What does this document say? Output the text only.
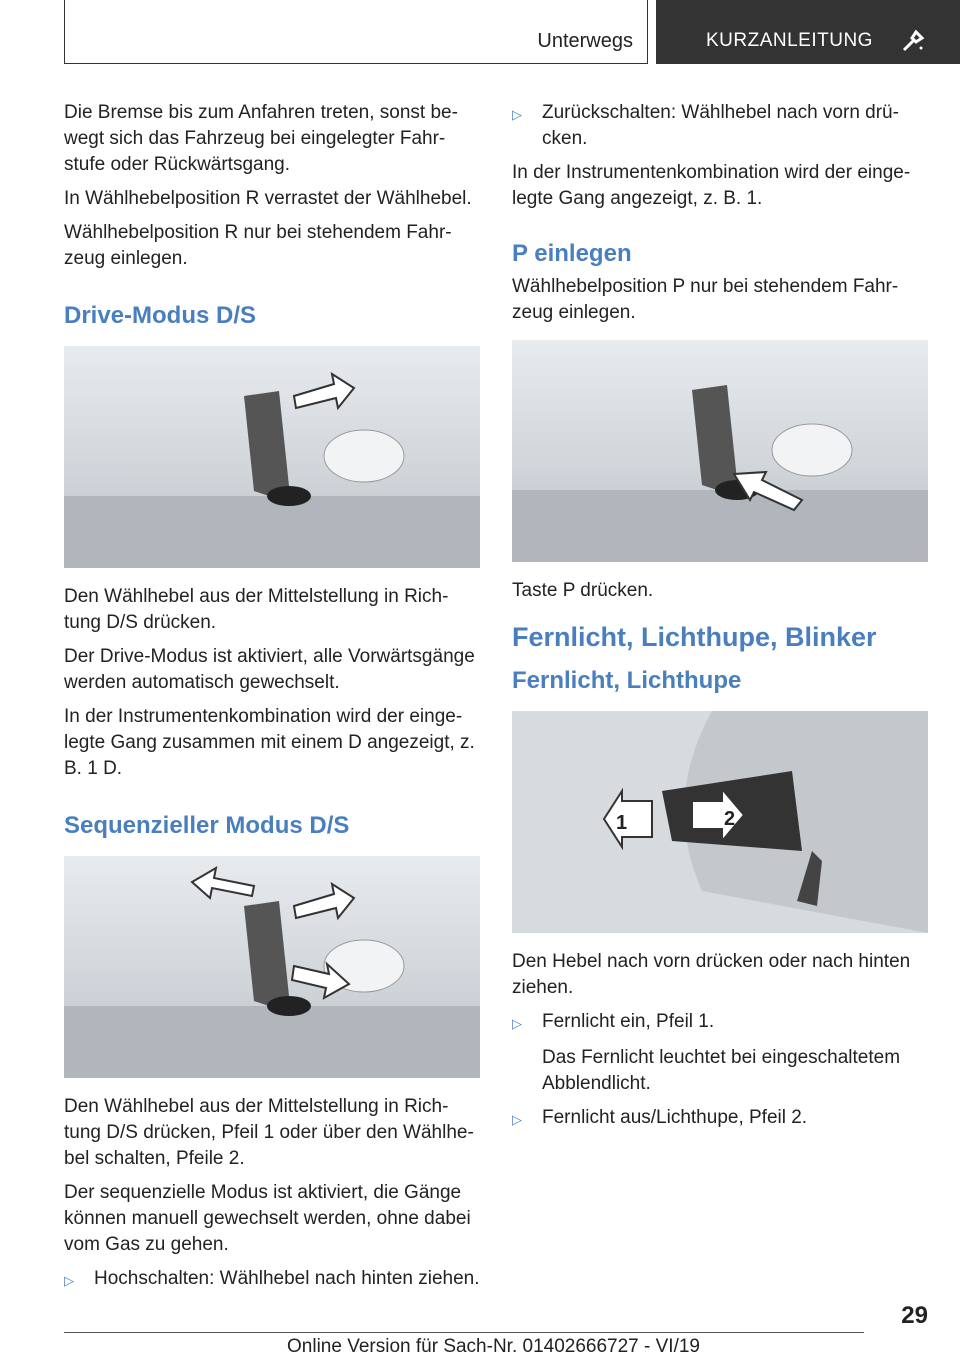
Unterwegs	KURZANLEITUNG

Die Bremse bis zum Anfahren treten, sonst be‐ wegt sich das Fahrzeug bei eingelegter Fahr‐ stufe oder Rückwärtsgang.

In Wählhebelposition R verrastet der Wählhebel.

Wählhebelposition R nur bei stehendem Fahr‐ zeug einlegen.

Drive-Modus D/S

Den Wählhebel aus der Mittelstellung in Rich‐ tung D/S drücken.

Der Drive-Modus ist aktiviert, alle Vorwärtsgänge werden automatisch gewechselt.

In der Instrumentenkombination wird der einge‐ legte Gang zusammen mit einem D angezeigt, z. B. 1 D.

Sequenzieller Modus D/S

Den Wählhebel aus der Mittelstellung in Rich‐ tung D/S drücken, Pfeil 1 oder über den Wählhe‐ bel schalten, Pfeile 2.

Der sequenzielle Modus ist aktiviert, die Gänge können manuell gewechselt werden, ohne dabei vom Gas zu gehen.

▷	Hochschalten: Wählhebel nach hinten ziehen.
▷	Zurückschalten: Wählhebel nach vorn drü‐ cken.

In der Instrumentenkombination wird der einge‐ legte Gang angezeigt, z. B. 1.

P einlegen

Wählhebelposition P nur bei stehendem Fahr‐ zeug einlegen.

Taste P drücken.

Fernlicht, Lichthupe, Blinker
Fernlicht, Lichthupe
1	2

Den Hebel nach vorn drücken oder nach hinten ziehen.

▷	Fernlicht ein, Pfeil 1.
Das Fernlicht leuchtet bei eingeschaltetem Abblendlicht.
▷	Fernlicht aus/Lichthupe, Pfeil 2.
29
Online Version für Sach-Nr. 01402666727 - VI/19
